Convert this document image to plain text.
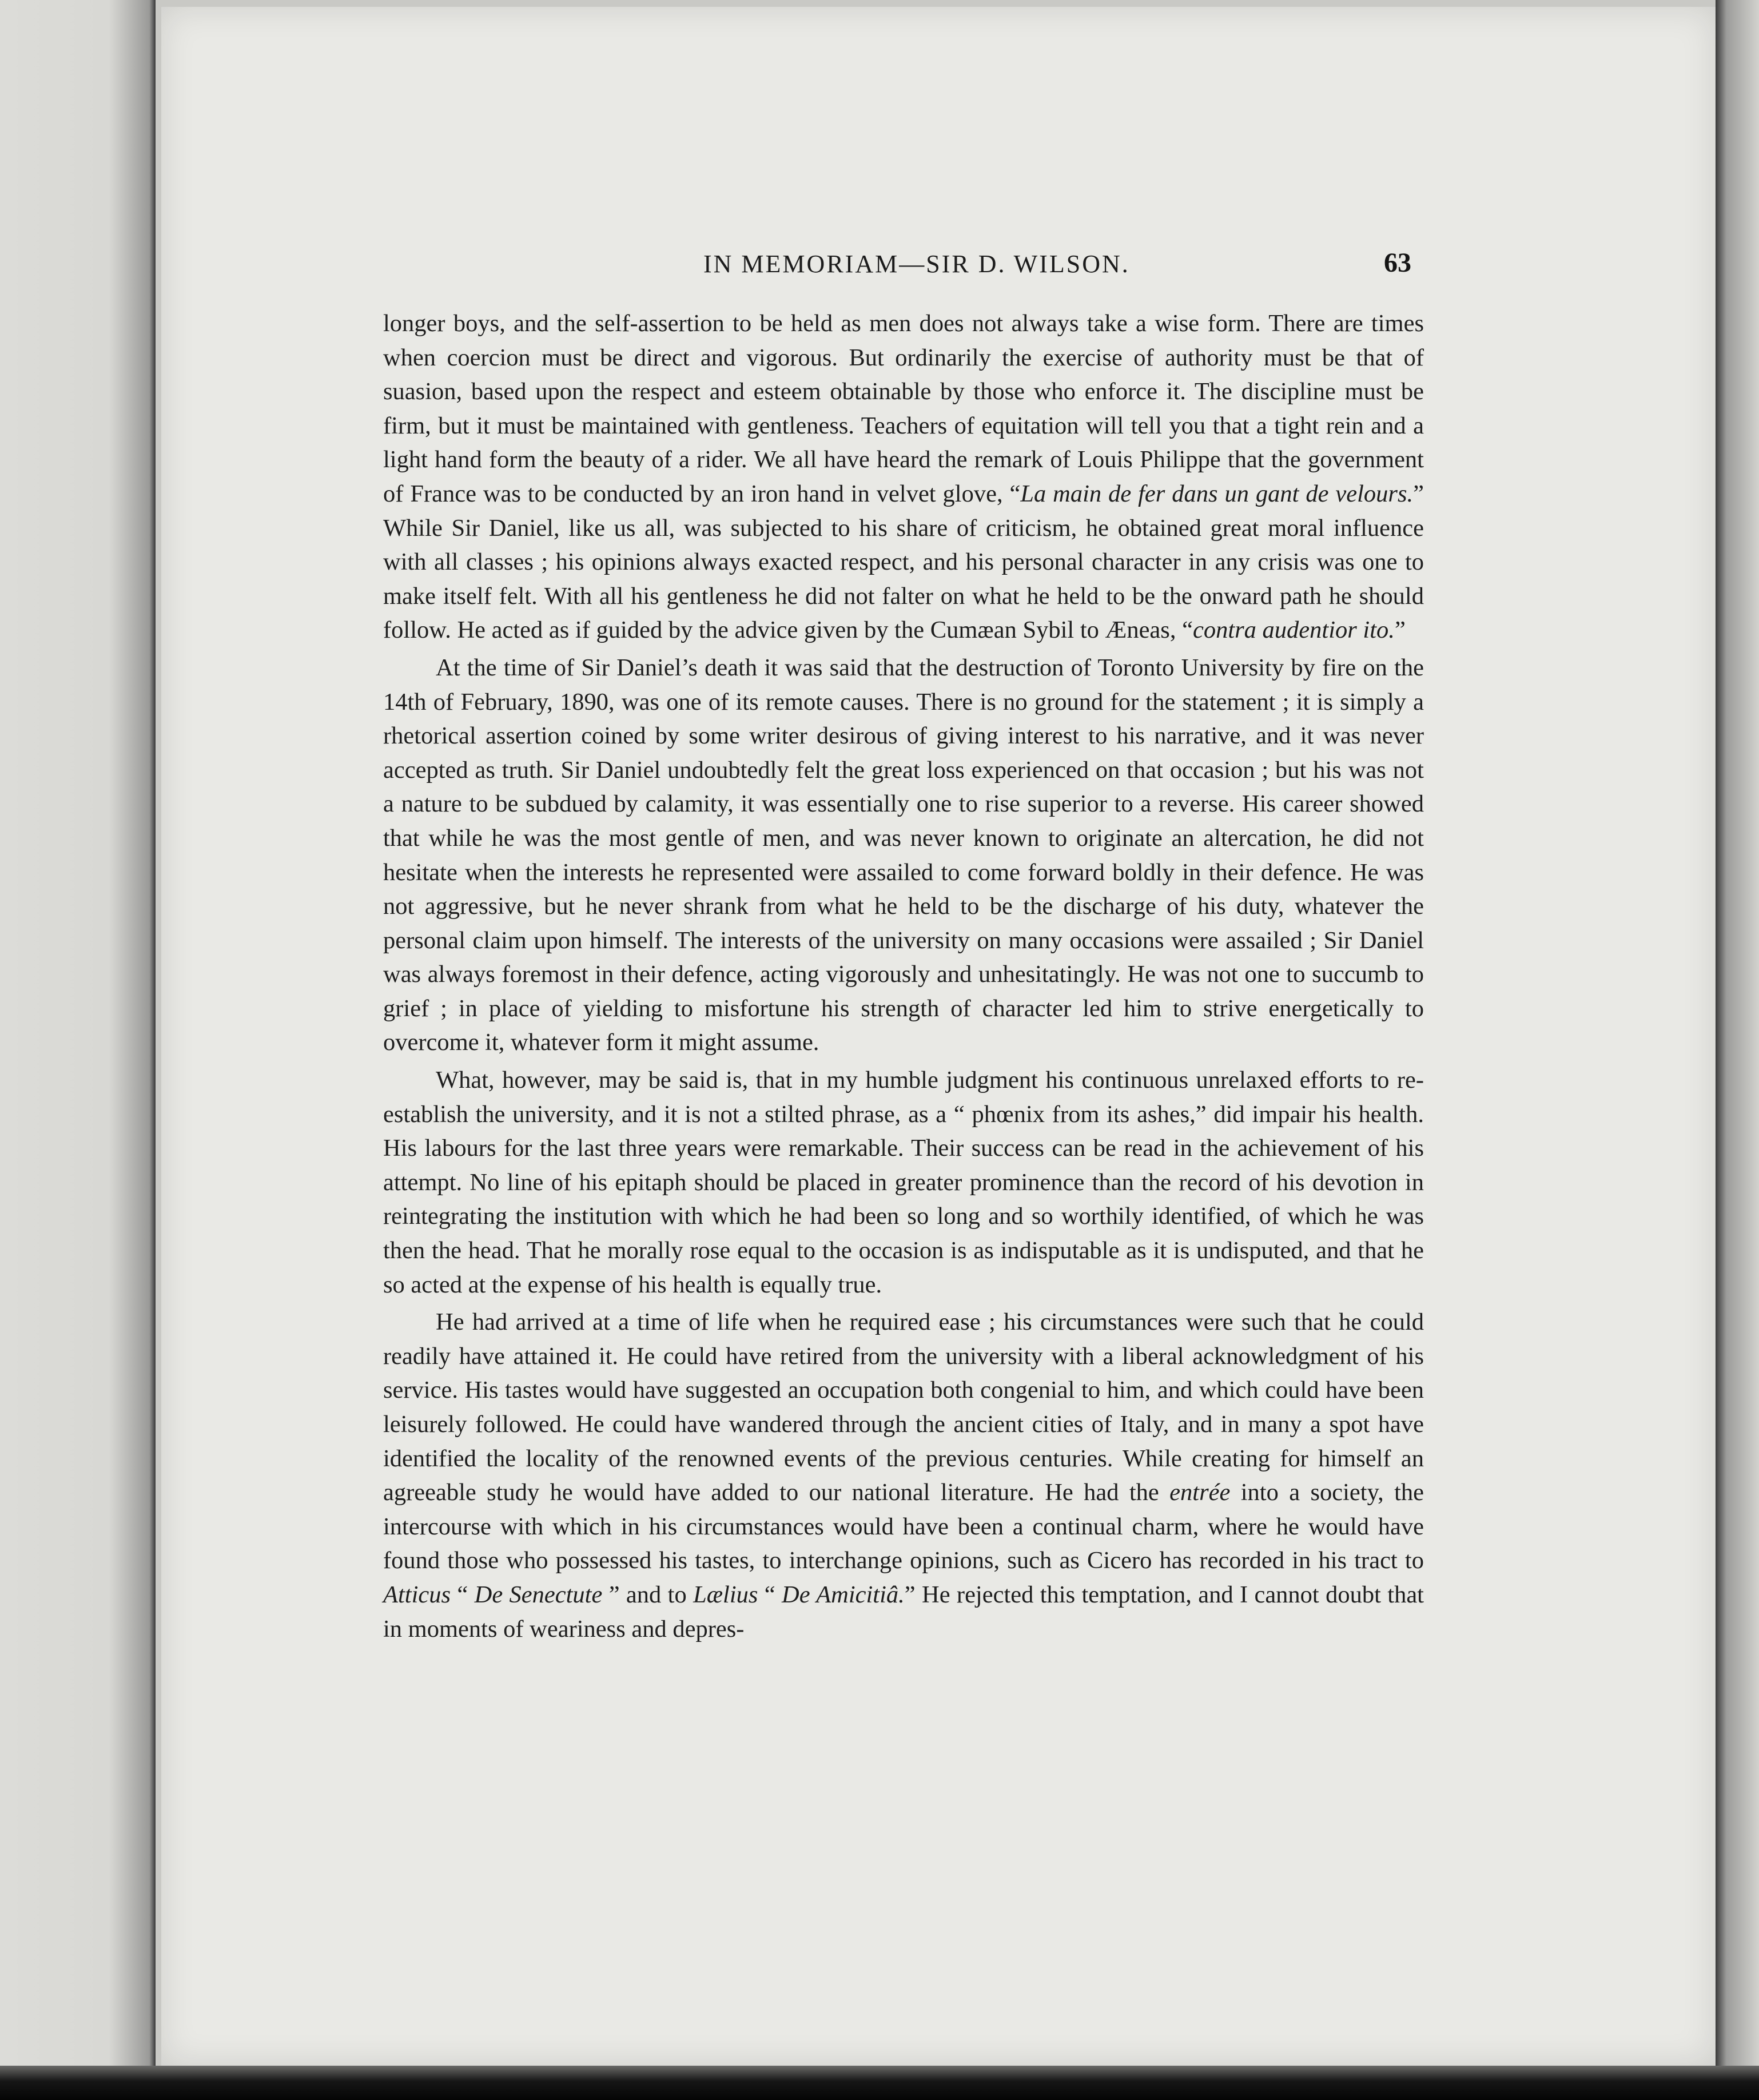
IN MEMORIAM—SIR D. WILSON.	63

longer boys, and the self-assertion to be held as men does not always take a wise form. There are times when coercion must be direct and vigorous. But ordinarily the exercise of authority must be that of suasion, based upon the respect and esteem obtainable by those who enforce it. The discipline must be firm, but it must be maintained with gentleness. Teachers of equitation will tell you that a tight rein and a light hand form the beauty of a rider. We all have heard the remark of Louis Philippe that the government of France was to be conducted by an iron hand in velvet glove, “La main de fer dans un gant de velours.” While Sir Daniel, like us all, was subjected to his share of criticism, he obtained great moral influence with all classes ; his opinions always exacted respect, and his personal character in any crisis was one to make itself felt. With all his gentleness he did not falter on what he held to be the onward path he should follow. He acted as if guided by the advice given by the Cumæan Sybil to Æneas, “contra audentior ito.”

At the time of Sir Daniel’s death it was said that the destruction of Toronto University by fire on the 14th of February, 1890, was one of its remote causes. There is no ground for the statement ; it is simply a rhetorical assertion coined by some writer desirous of giving interest to his narrative, and it was never accepted as truth. Sir Daniel undoubtedly felt the great loss experienced on that occasion ; but his was not a nature to be subdued by calamity, it was essentially one to rise superior to a reverse. His career showed that while he was the most gentle of men, and was never known to originate an altercation, he did not hesitate when the interests he represented were assailed to come forward boldly in their defence. He was not aggressive, but he never shrank from what he held to be the discharge of his duty, whatever the personal claim upon himself. The interests of the university on many occasions were assailed ; Sir Daniel was always foremost in their defence, acting vigorously and unhesitatingly. He was not one to succumb to grief ; in place of yielding to misfortune his strength of character led him to strive energetically to overcome it, whatever form it might assume.

What, however, may be said is, that in my humble judgment his continuous unrelaxed efforts to re-establish the university, and it is not a stilted phrase, as a “ phœnix from its ashes,” did impair his health. His labours for the last three years were remarkable. Their success can be read in the achievement of his attempt. No line of his epitaph should be placed in greater prominence than the record of his devotion in reintegrating the institution with which he had been so long and so worthily identified, of which he was then the head. That he morally rose equal to the occasion is as indisputable as it is undisputed, and that he so acted at the expense of his health is equally true.

He had arrived at a time of life when he required ease ; his circumstances were such that he could readily have attained it. He could have retired from the university with a liberal acknowledgment of his service. His tastes would have suggested an occupation both congenial to him, and which could have been leisurely followed. He could have wandered through the ancient cities of Italy, and in many a spot have identified the locality of the renowned events of the previous centuries. While creating for himself an agreeable study he would have added to our national literature. He had the entrée into a society, the intercourse with which in his circumstances would have been a continual charm, where he would have found those who possessed his tastes, to interchange opinions, such as Cicero has recorded in his tract to Atticus “ De Senectute ” and to Lælius “ De Amicitiâ.” He rejected this temptation, and I cannot doubt that in moments of weariness and depres-
